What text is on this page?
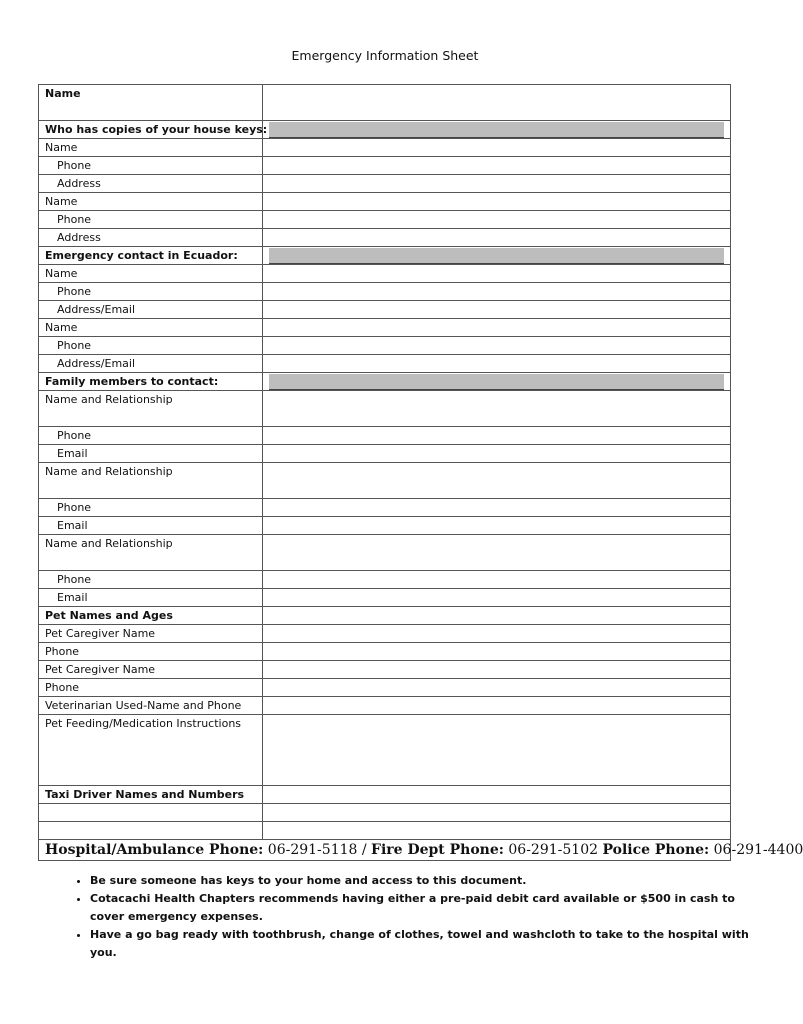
Emergency Information Sheet
Name	
Who has copies of your house keys:	

Name	
Phone	
Address	
Name	
Phone	
Address	
Emergency contact in Ecuador:	

Name	
Phone	
Address/Email	
Name	
Phone	
Address/Email	
Family members to contact:	

Name and Relationship	
Phone	
Email	
Name and Relationship	
Phone	
Email	
Name and Relationship	
Phone	
Email	
Pet Names and Ages	
Pet Caregiver Name	
Phone	
Pet Caregiver Name	
Phone	
Veterinarian Used-Name and Phone	
Pet Feeding/Medication Instructions	
Taxi Driver Names and Numbers	

Hospital/Ambulance Phone: 06-291-5118 / Fire Dept Phone: 06-291-5102 Police Phone: 06-291-4400	
• Be sure someone has keys to your home and access to this document.
• Cotacachi Health Chapters recommends having either a pre-paid debit card available or $500 in cash to cover emergency expenses.
• Have a go bag ready with toothbrush, change of clothes, towel and washcloth to take to the hospital with you.
